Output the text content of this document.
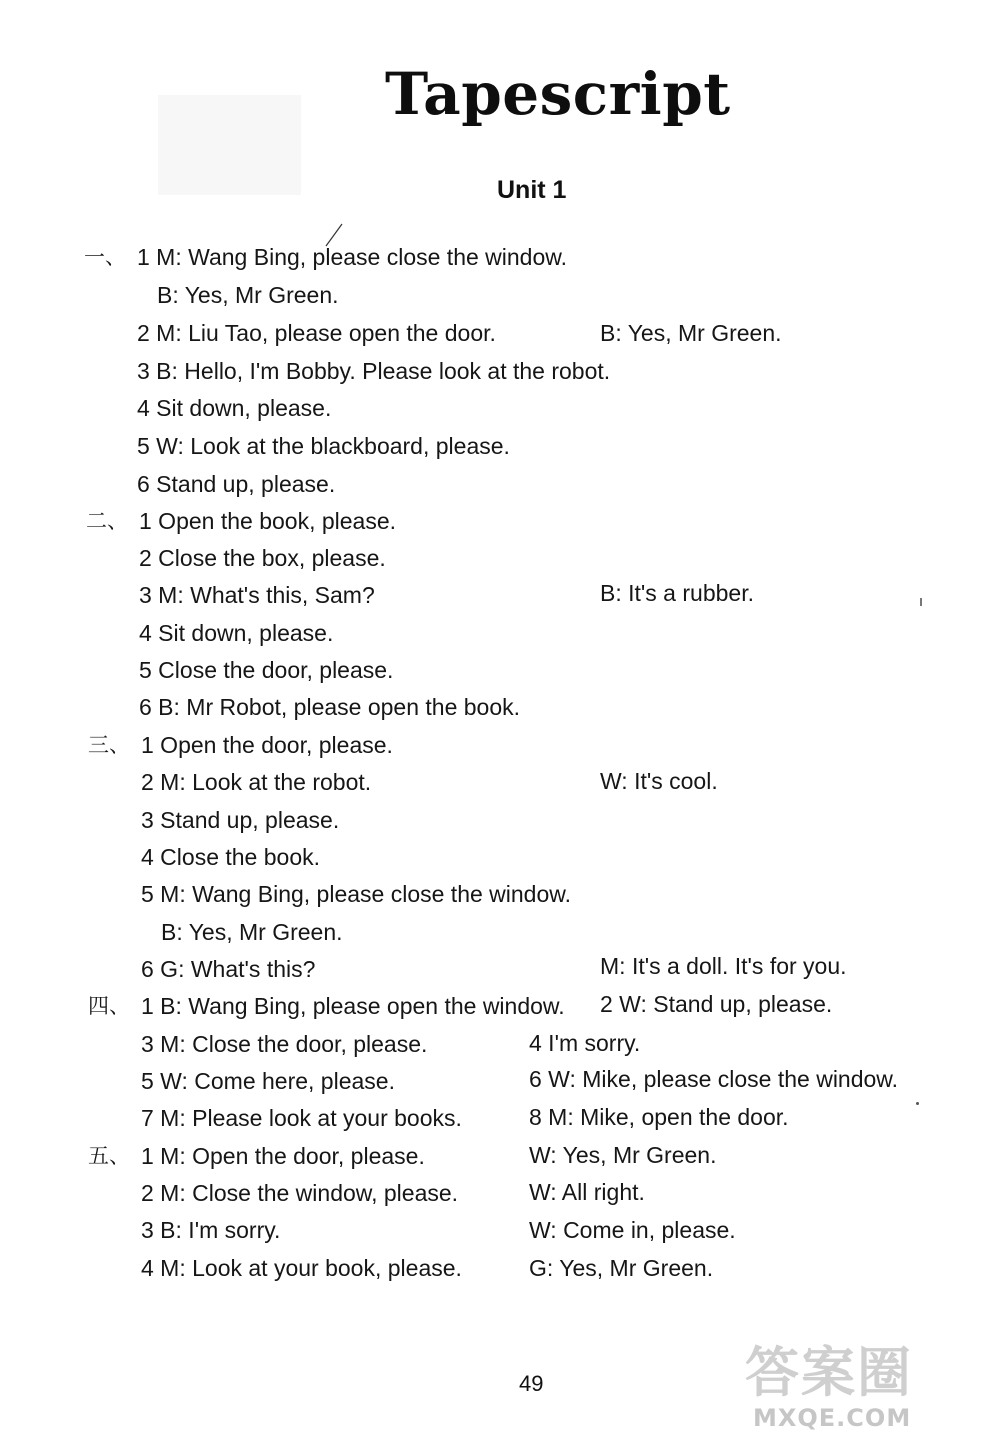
Tapescript
Unit 1
一、 1 M: Wang Bing, please close the window.
B: Yes, Mr Green.
2 M: Liu Tao, please open the door.	B: Yes, Mr Green.
3 B: Hello, I'm Bobby. Please look at the robot.
4 Sit down, please.
5 W: Look at the blackboard, please.
6 Stand up, please.
二、 1 Open the book, please.
2 Close the box, please.
3 M: What's this, Sam?	B: It's a rubber.
4 Sit down, please.
5 Close the door, please.
6 B: Mr Robot, please open the book.
三、 1 Open the door, please.
2 M: Look at the robot.	W: It's cool.
3 Stand up, please.
4 Close the book.
5 M: Wang Bing, please close the window.
B: Yes, Mr Green.
6 G: What's this?	M: It's a doll. It's for you.
四、 1 B: Wang Bing, please open the window. 2 W: Stand up, please.
3 M: Close the door, please.	4 I'm sorry.
5 W: Come here, please.	6 W: Mike, please close the window.
7 M: Please look at your books.	8 M: Mike, open the door.
五、 1 M: Open the door, please.	W: Yes, Mr Green.
2 M: Close the window, please.	W: All right.
3 B: I'm sorry.	W: Come in, please.
4 M: Look at your book, please.	G: Yes, Mr Green.
49	答案圈
MXQE.COM
